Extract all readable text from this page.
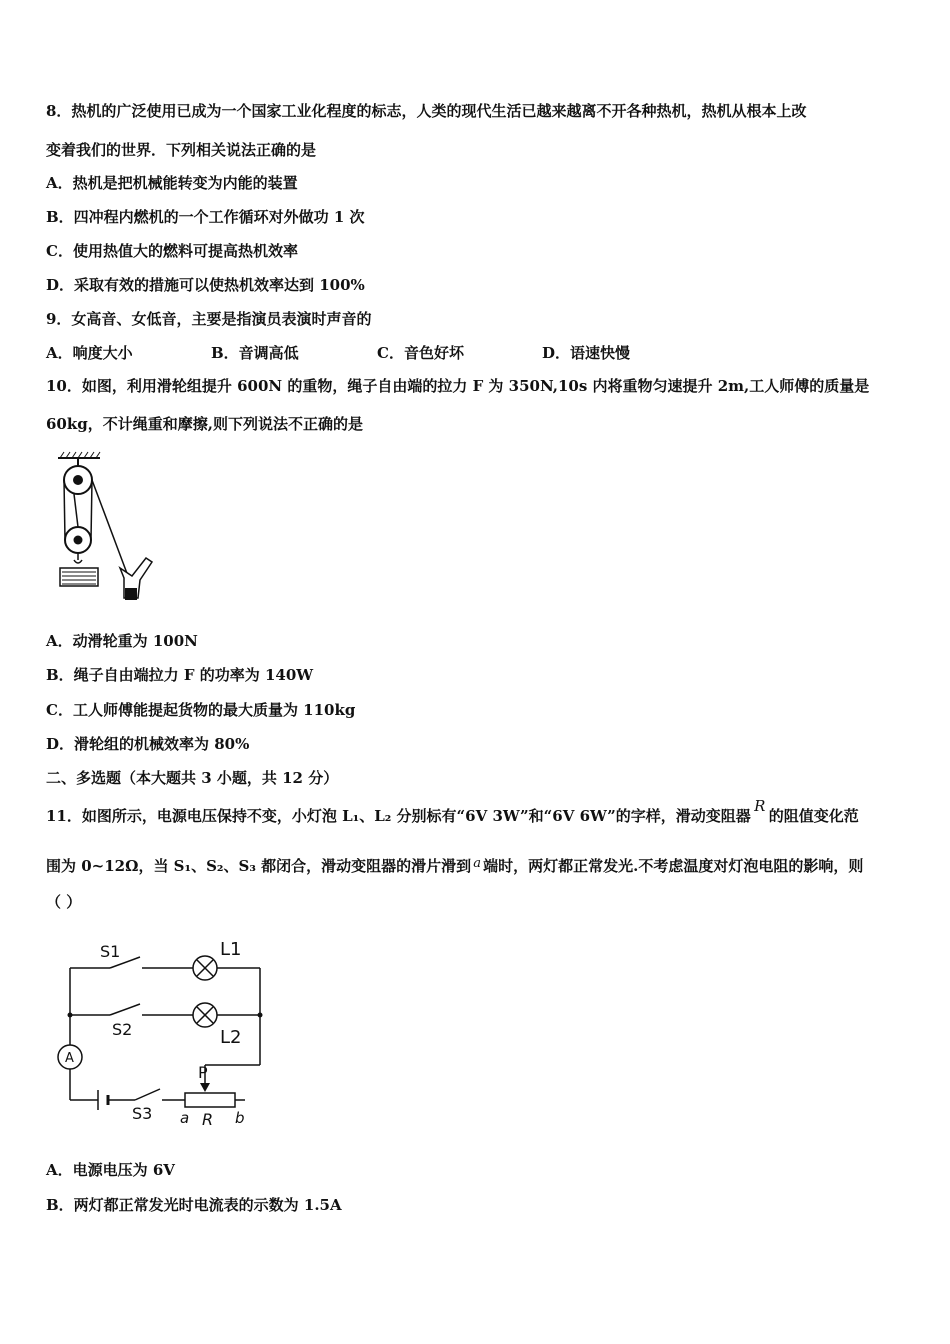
8．热机的广泛使用已成为一个国家工业化程度的标志，人类的现代生活已越来越离不开各种热机，热机从根本上改
变着我们的世界．下列相关说法正确的是
A．热机是把机械能转变为内能的装置
B．四冲程内燃机的一个工作循环对外做功 1 次
C．使用热值大的燃料可提高热机效率
D．采取有效的措施可以使热机效率达到 100%
9．女高音、女低音，主要是指演员表演时声音的
A．响度大小	B．音调高低	C．音色好坏	D．语速快慢
10．如图，利用滑轮组提升 600N 的重物，绳子自由端的拉力 F 为 350N,10s 内将重物匀速提升 2m,工人师傅的质量是
60kg，不计绳重和摩擦,则下列说法不正确的是
A．动滑轮重为 100N
B．绳子自由端拉力 F 的功率为 140W
C．工人师傅能提起货物的最大质量为 110kg
D．滑轮组的机械效率为 80%
二、多选题（本大题共 3 小题，共 12 分）
11．如图所示，电源电压保持不变，小灯泡 L₁、L₂ 分别标有“6V 3W”和“6V 6W”的字样，滑动变阻器R的阻值变化范
围为 0~12Ω，当 S₁、S₂、S₃ 都闭合，滑动变阻器的滑片滑到 a 端时，两灯都正常发光.不考虑温度对灯泡电阻的影响，则
（ ）
S1
S2
S3
L1
L2
A
P
a R b
A．电源电压为 6V
B．两灯都正常发光时电流表的示数为 1.5A
